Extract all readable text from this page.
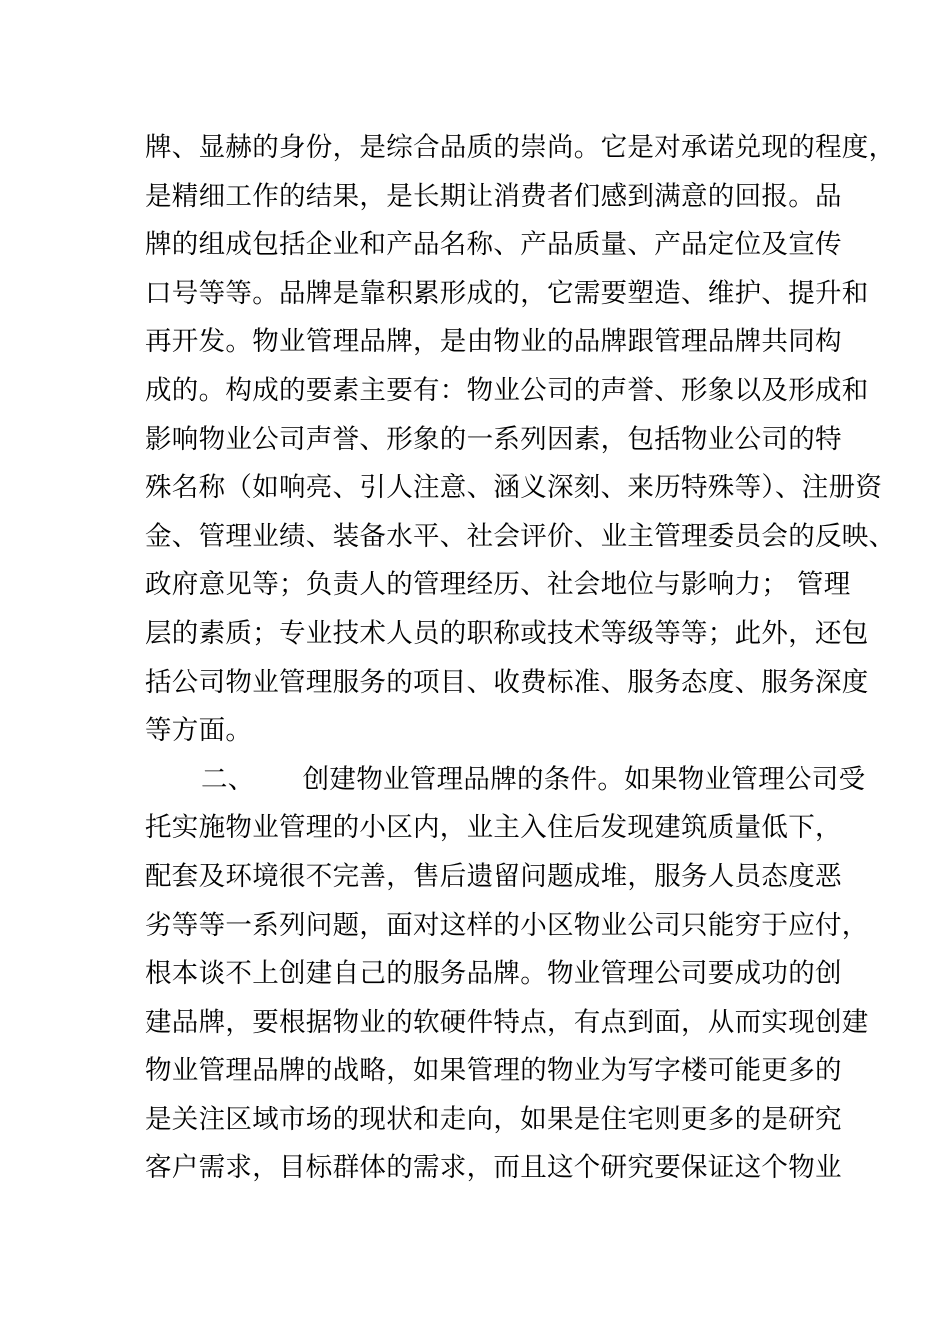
牌、显赫的身份，是综合品质的崇尚。它是对承诺兑现的程度，
是精细工作的结果，是长期让消费者们感到满意的回报。品
牌的组成包括企业和产品名称、产品质量、产品定位及宣传
口号等等。品牌是靠积累形成的，它需要塑造、维护、提升和
再开发。物业管理品牌，是由物业的品牌跟管理品牌共同构
成的。构成的要素主要有：物业公司的声誉、形象以及形成和
影响物业公司声誉、形象的一系列因素，包括物业公司的特
殊名称（如响亮、引人注意、涵义深刻、来历特殊等）、注册资
金、管理业绩、装备水平、社会评价、业主管理委员会的反映、
政府意见等；负责人的管理经历、社会地位与影响力； 管理
层的素质；专业技术人员的职称或技术等级等等；此外，还包
括公司物业管理服务的项目、收费标准、服务态度、服务深度
等方面。
二、 创建物业管理品牌的条件。如果物业管理公司受
托实施物业管理的小区内，业主入住后发现建筑质量低下，
配套及环境很不完善，售后遗留问题成堆，服务人员态度恶
劣等等一系列问题，面对这样的小区物业公司只能穷于应付，
根本谈不上创建自己的服务品牌。物业管理公司要成功的创
建品牌，要根据物业的软硬件特点，有点到面，从而实现创建
物业管理品牌的战略，如果管理的物业为写字楼可能更多的
是关注区域市场的现状和走向，如果是住宅则更多的是研究
客户需求，目标群体的需求，而且这个研究要保证这个物业
